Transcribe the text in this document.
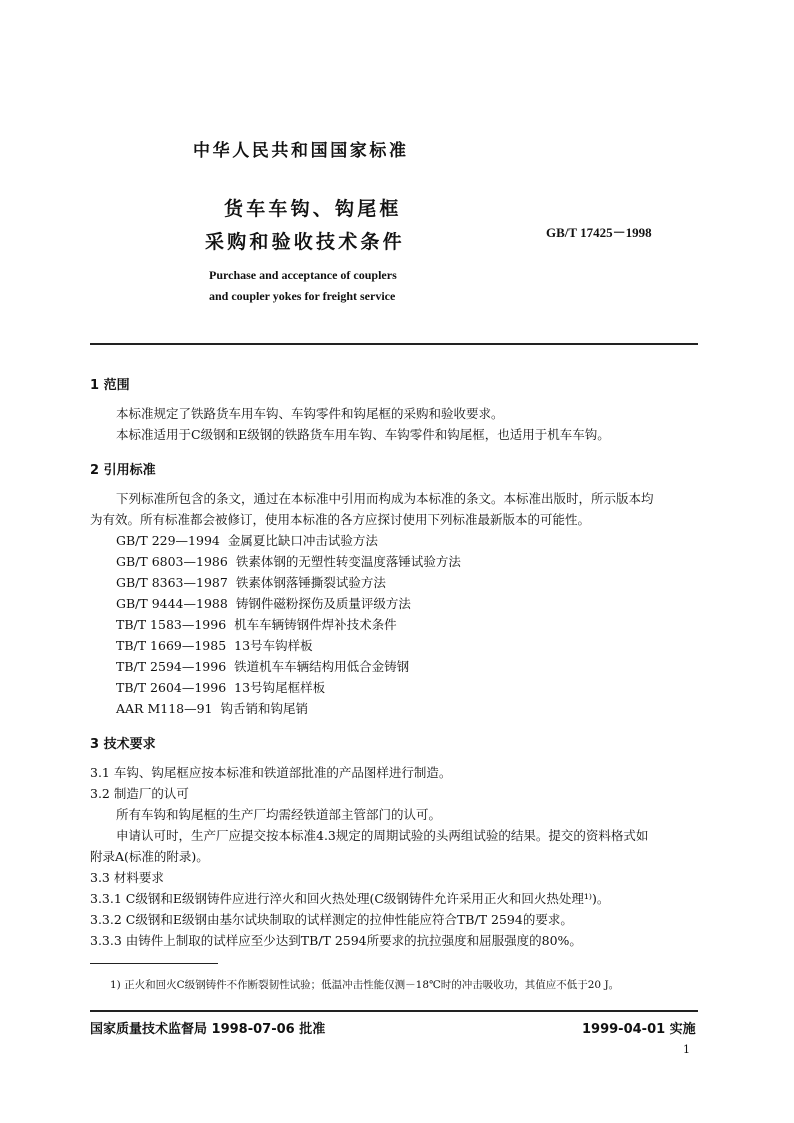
中华人民共和国国家标准
货车车钩、钩尾框
采购和验收技术条件	GB/T 17425－1998
Purchase and acceptance of couplers
and coupler yokes for freight service
1 范围
本标准规定了铁路货车用车钩、车钩零件和钩尾框的采购和验收要求。
本标准适用于C级钢和E级钢的铁路货车用车钩、车钩零件和钩尾框，也适用于机车车钩。
2 引用标准
下列标准所包含的条文，通过在本标准中引用而构成为本标准的条文。本标准出版时，所示版本均
为有效。所有标准都会被修订，使用本标准的各方应探讨使用下列标准最新版本的可能性。
GB/T 229—1994 金属夏比缺口冲击试验方法
GB/T 6803—1986 铁素体钢的无塑性转变温度落锤试验方法
GB/T 8363—1987 铁素体钢落锤撕裂试验方法
GB/T 9444—1988 铸钢件磁粉探伤及质量评级方法
TB/T 1583—1996 机车车辆铸钢件焊补技术条件
TB/T 1669—1985 13号车钩样板
TB/T 2594—1996 铁道机车车辆结构用低合金铸钢
TB/T 2604—1996 13号钩尾框样板
AAR M118—91 钩舌销和钩尾销
3 技术要求
3.1 车钩、钩尾框应按本标准和铁道部批准的产品图样进行制造。
3.2 制造厂的认可
所有车钩和钩尾框的生产厂均需经铁道部主管部门的认可。
申请认可时，生产厂应提交按本标准4.3规定的周期试验的头两组试验的结果。提交的资料格式如
附录A(标准的附录)。
3.3 材料要求
3.3.1 C级钢和E级钢铸件应进行淬火和回火热处理(C级钢铸件允许采用正火和回火热处理¹⁾)。
3.3.2 C级钢和E级钢由基尔试块制取的试样测定的拉伸性能应符合TB/T 2594的要求。
3.3.3 由铸件上制取的试样应至少达到TB/T 2594所要求的抗拉强度和屈服强度的80%。
1) 正火和回火C级钢铸件不作断裂韧性试验；低温冲击性能仅测－18℃时的冲击吸收功，其值应不低于20 J。
国家质量技术监督局 1998-07-06 批准	1999-04-01 实施
1
